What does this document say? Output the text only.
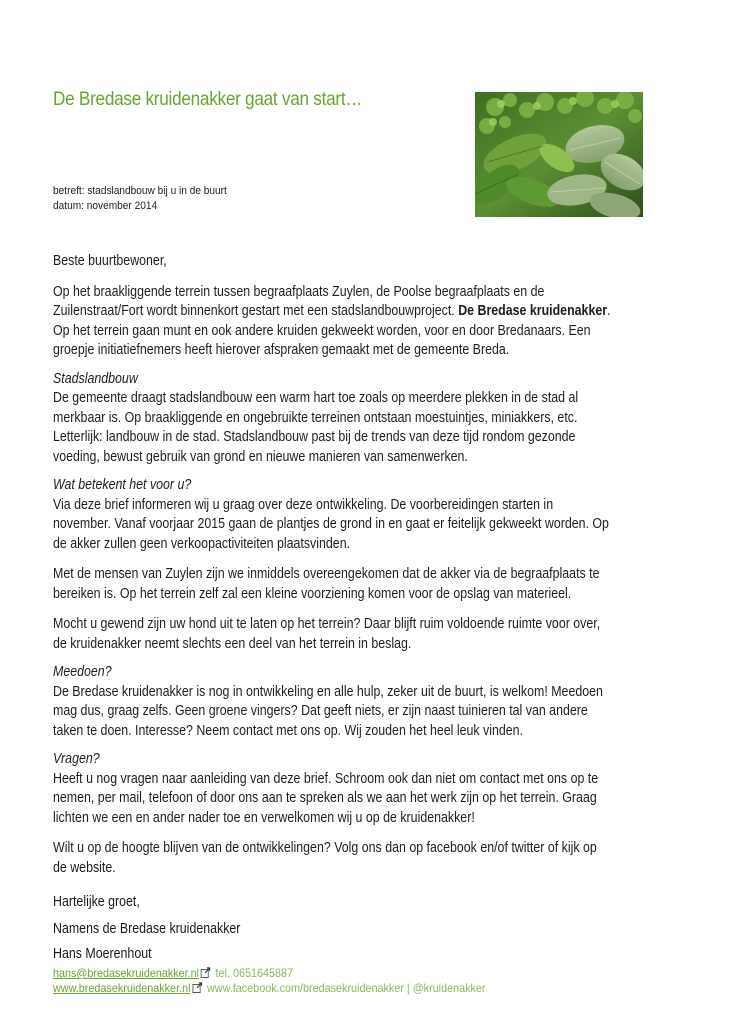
De Bredase kruidenakker gaat van start…
betreft: stadslandbouw bij u in de buurt
datum: november 2014

Beste buurtbewoner,

Op het braakliggende terrein tussen begraafplaats Zuylen, de Poolse begraafplaats en de

Zuilenstraat/Fort wordt binnenkort gestart met een stadslandbouwproject. De Bredase kruidenakker.

Op het terrein gaan munt en ook andere kruiden gekweekt worden, voor en door Bredanaars. Een

groepje initiatiefnemers heeft hierover afspraken gemaakt met de gemeente Breda.

Stadslandbouw

De gemeente draagt stadslandbouw een warm hart toe zoals op meerdere plekken in de stad al

merkbaar is. Op braakliggende en ongebruikte terreinen ontstaan moestuintjes, miniakkers, etc.

Letterlijk: landbouw in de stad. Stadslandbouw past bij de trends van deze tijd rondom gezonde

voeding, bewust gebruik van grond en nieuwe manieren van samenwerken.

Wat betekent het voor u?

Via deze brief informeren wij u graag over deze ontwikkeling. De voorbereidingen starten in

november. Vanaf voorjaar 2015 gaan de plantjes de grond in en gaat er feitelijk gekweekt worden. Op

de akker zullen geen verkoopactiviteiten plaatsvinden.

Met de mensen van Zuylen zijn we inmiddels overeengekomen dat de akker via de begraafplaats te

bereiken is. Op het terrein zelf zal een kleine voorziening komen voor de opslag van materieel.

Mocht u gewend zijn uw hond uit te laten op het terrein? Daar blijft ruim voldoende ruimte voor over,

de kruidenakker neemt slechts een deel van het terrein in beslag.

Meedoen?

De Bredase kruidenakker is nog in ontwikkeling en alle hulp, zeker uit de buurt, is welkom! Meedoen

mag dus, graag zelfs. Geen groene vingers? Dat geeft niets, er zijn naast tuinieren tal van andere

taken te doen. Interesse? Neem contact met ons op. Wij zouden het heel leuk vinden.

Vragen?

Heeft u nog vragen naar aanleiding van deze brief. Schroom ook dan niet om contact met ons op te

nemen, per mail, telefoon of door ons aan te spreken als we aan het werk zijn op het terrein. Graag

lichten we een en ander nader toe en verwelkomen wij u op de kruidenakker!

Wilt u op de hoogte blijven van de ontwikkelingen? Volg ons dan op facebook en/of twitter of kijk op

de website.

Hartelijke groet,

Namens de Bredase kruidenakker

Hans Moerenhout

hans@bredasekruidenakker.nl tel. 0651645887
www.bredasekruidenakker.nl www.facebook.com/bredasekruidenakker | @kruidenakker
